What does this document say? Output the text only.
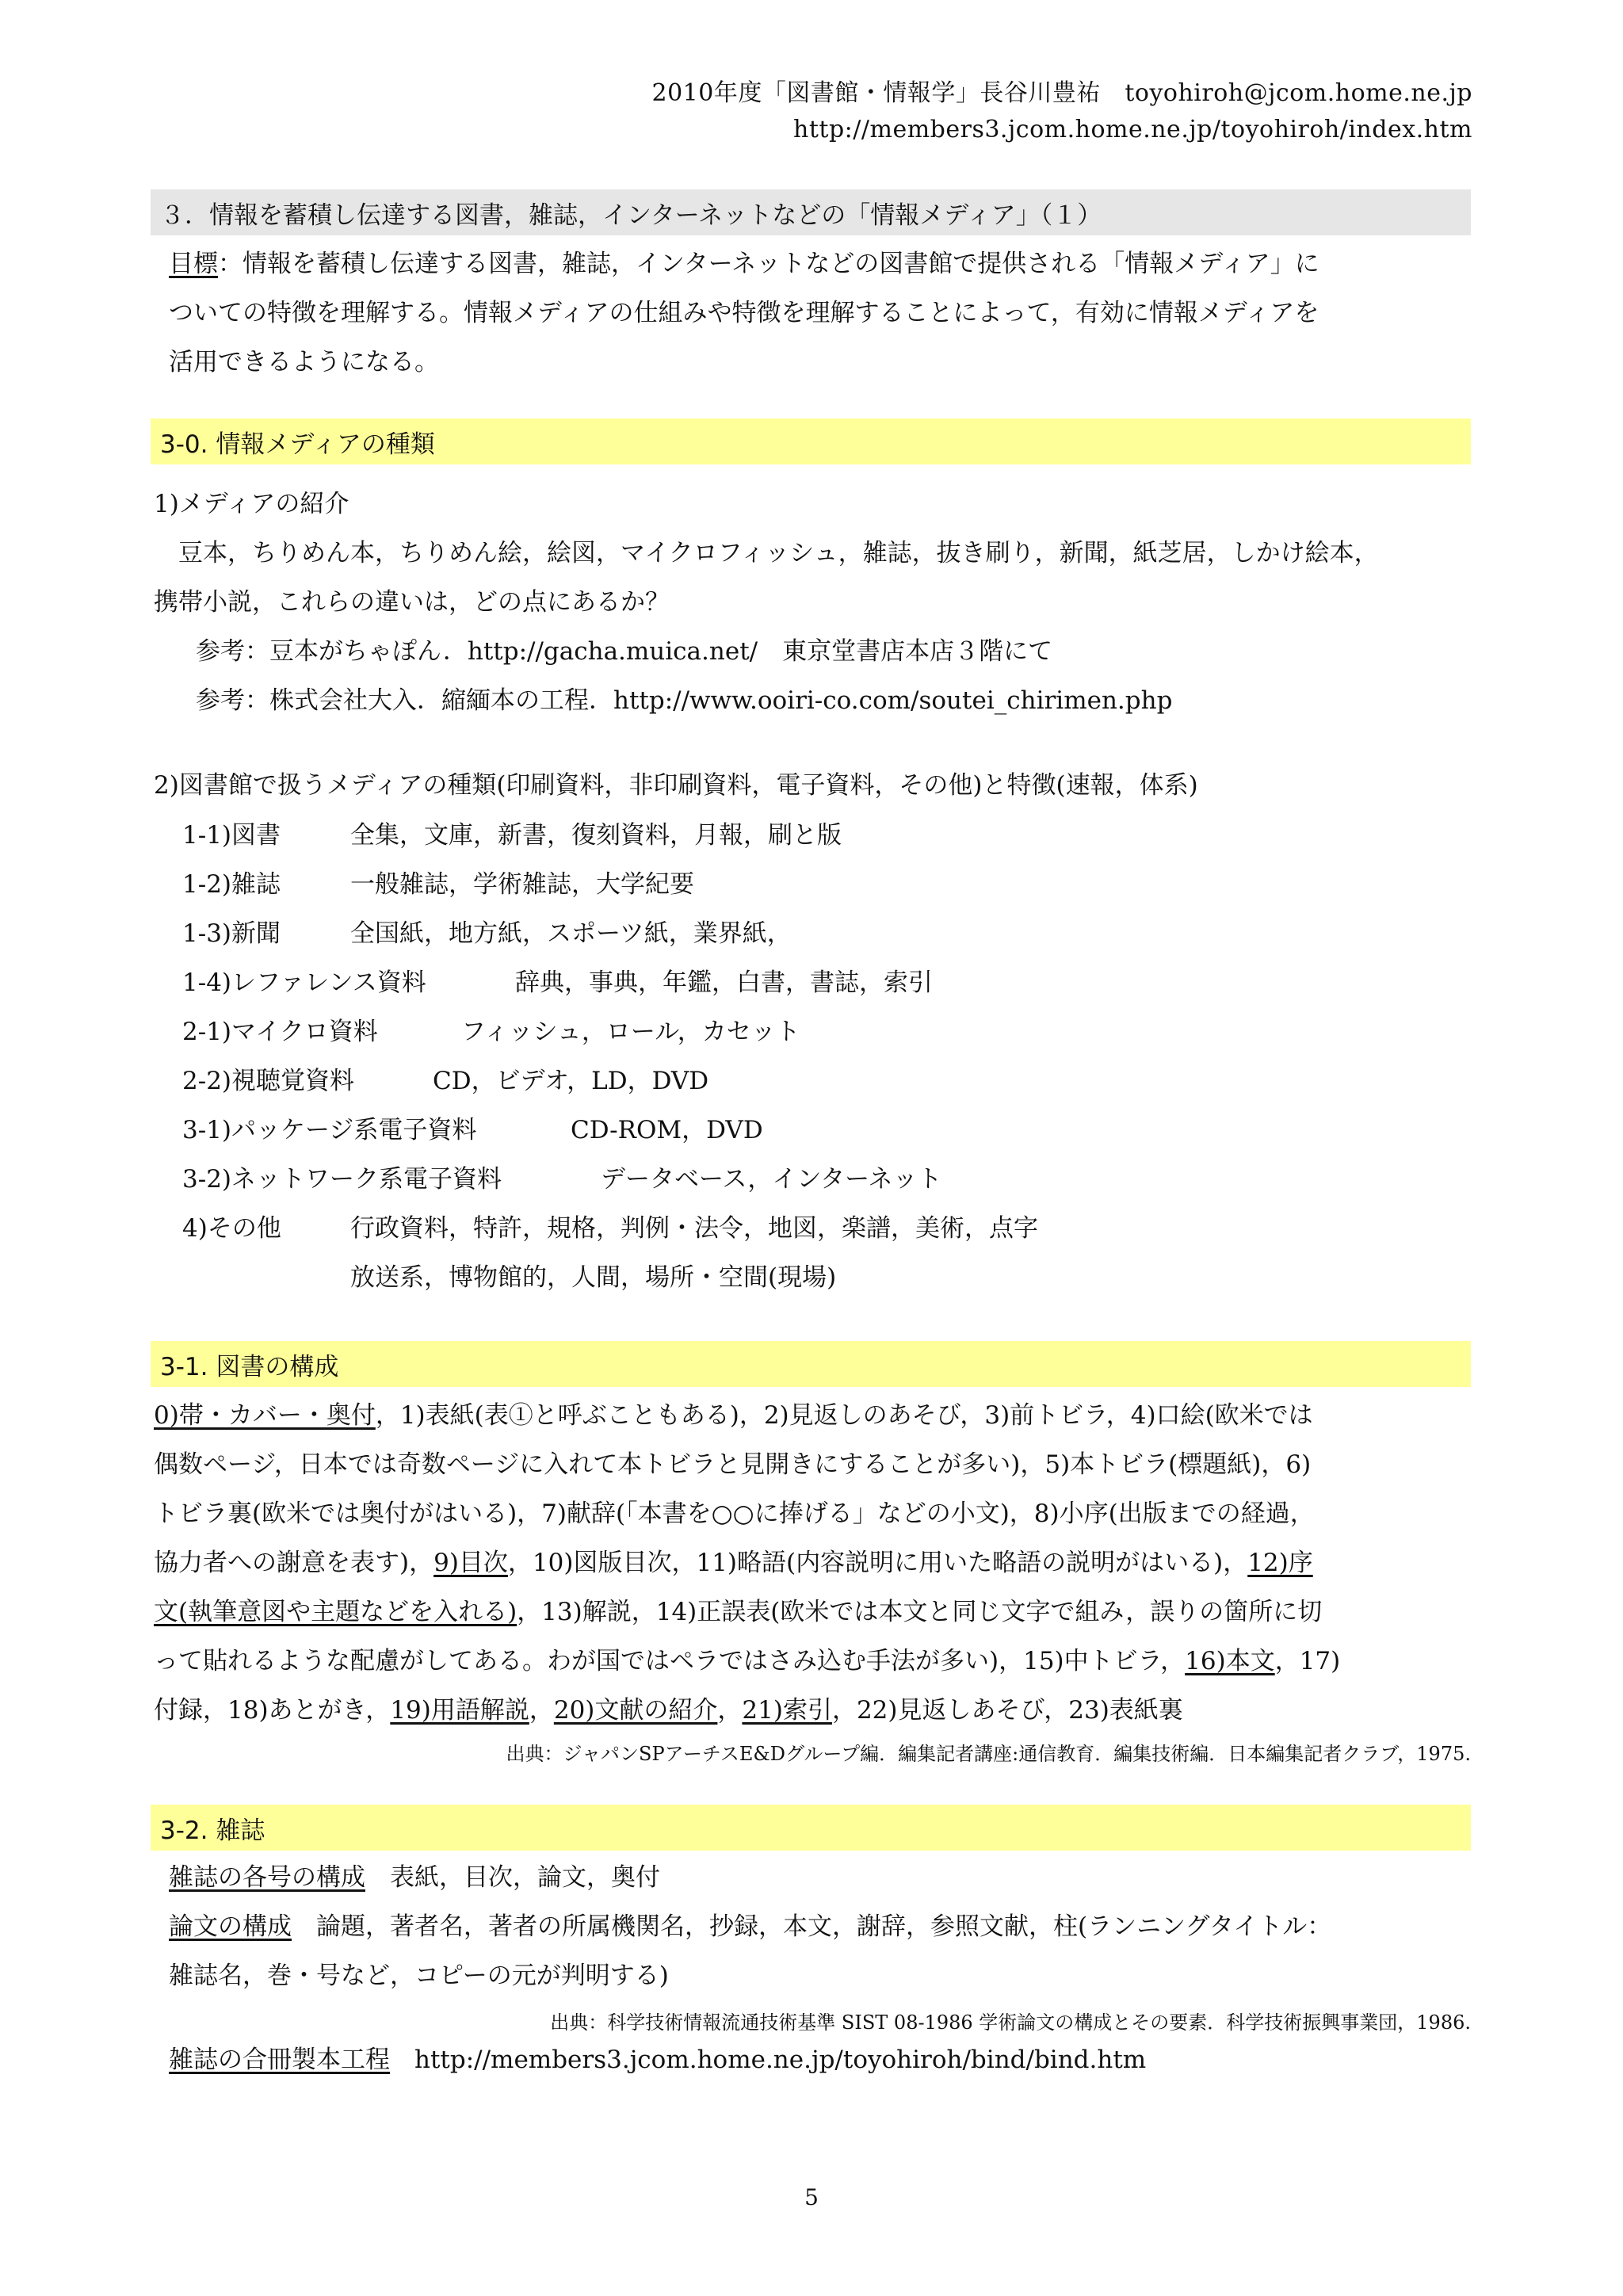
2010年度「図書館・情報学」長谷川豊祐　toyohiroh@jcom.home.ne.jp
http://members3.jcom.home.ne.jp/toyohiroh/index.htm
３．情報を蓄積し伝達する図書，雑誌，インターネットなどの「情報メディア」（１）
目標：情報を蓄積し伝達する図書，雑誌，インターネットなどの図書館で提供される「情報メディア」に
ついての特徴を理解する。情報メディアの仕組みや特徴を理解することによって，有効に情報メディアを
活用できるようになる。
3-0. 情報メディアの種類
1)メディアの紹介
　豆本，ちりめん本，ちりめん絵，絵図，マイクロフィッシュ，雑誌，抜き刷り，新聞，紙芝居，しかけ絵本，
携帯小説，これらの違いは，どの点にあるか？
　参考：豆本がちゃぽん．http://gacha.muica.net/　東京堂書店本店３階にて
　参考：株式会社大入．縮緬本の工程．http://www.ooiri-co.com/soutei_chirimen.php
2)図書館で扱うメディアの種類(印刷資料，非印刷資料，電子資料，その他)と特徴(速報，体系)
1-1)図書	全集，文庫，新書，復刻資料，月報，刷と版
1-2)雑誌	一般雑誌，学術雑誌，大学紀要
1-3)新聞	全国紙，地方紙，スポーツ紙，業界紙，
1-4)レファレンス資料	辞典，事典，年鑑，白書，書誌，索引
2-1)マイクロ資料	フィッシュ，ロール，カセット
2-2)視聴覚資料	CD，ビデオ，LD，DVD
3-1)パッケージ系電子資料	CD-ROM，DVD
3-2)ネットワーク系電子資料	データベース，インターネット
4)その他	行政資料，特許，規格，判例・法令，地図，楽譜，美術，点字
放送系，博物館的，人間，場所・空間(現場)
3-1. 図書の構成
0)帯・カバー・奥付，1)表紙(表①と呼ぶこともある)，2)見返しのあそび，3)前トビラ，4)口絵(欧米では
偶数ページ，日本では奇数ページに入れて本トビラと見開きにすることが多い)，5)本トビラ(標題紙)，6)
トビラ裏(欧米では奥付がはいる)，7)献辞(「本書を○○に捧げる」などの小文)，8)小序(出版までの経過，
協力者への謝意を表す)，9)目次，10)図版目次，11)略語(内容説明に用いた略語の説明がはいる)，12)序
文(執筆意図や主題などを入れる)，13)解説，14)正誤表(欧米では本文と同じ文字で組み，誤りの箇所に切
って貼れるような配慮がしてある。わが国ではペラではさみ込む手法が多い)，15)中トビラ，16)本文，17)
付録，18)あとがき，19)用語解説，20)文献の紹介，21)索引，22)見返しあそび，23)表紙裏
出典：ジャパンSPアーチスE&Dグループ編．編集記者講座:通信教育．編集技術編．日本編集記者クラブ，1975.
3-2. 雑誌
雑誌の各号の構成　表紙，目次，論文，奥付
論文の構成　論題，著者名，著者の所属機関名，抄録，本文，謝辞，参照文献，柱(ランニングタイトル：
雑誌名，巻・号など，コピーの元が判明する)
出典：科学技術情報流通技術基準 SIST 08-1986 学術論文の構成とその要素．科学技術振興事業団，1986.
雑誌の合冊製本工程　http://members3.jcom.home.ne.jp/toyohiroh/bind/bind.htm
5
